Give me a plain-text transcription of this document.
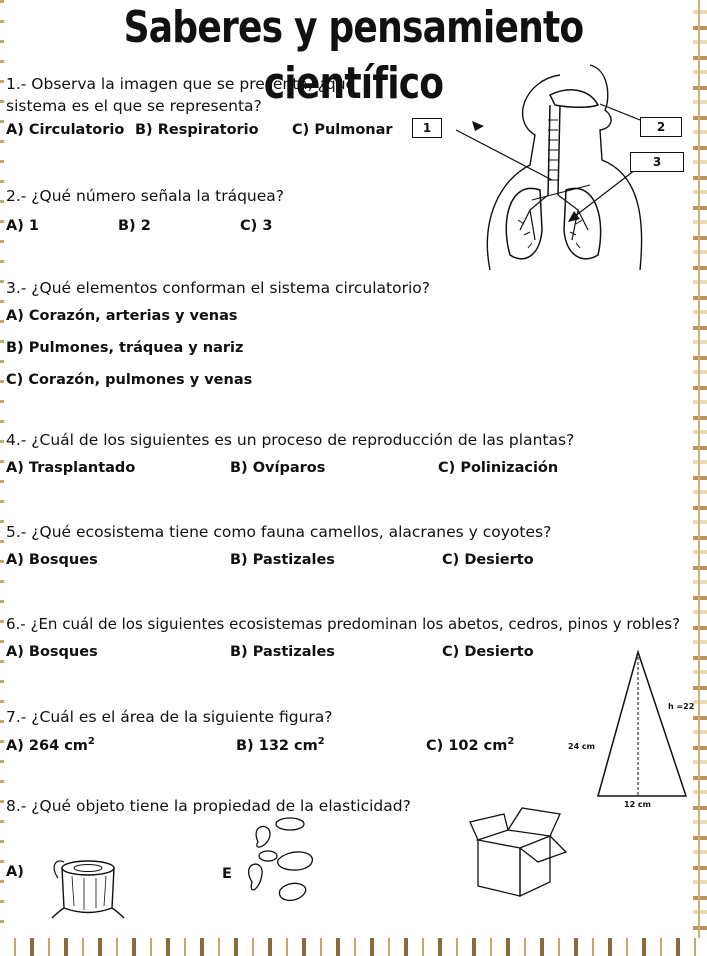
Saberes y pensamiento científico
1.- Observa la imagen que se presenta, ¿qué
sistema es el que se representa?
A) Circulatorio B) Respiratorio C) Pulmonar	1	2
3
2.- ¿Qué número señala la tráquea?
A) 1	B) 2	C) 3
3.- ¿Qué elementos conforman el sistema circulatorio?
A) Corazón, arterias y venas
B) Pulmones, tráquea y nariz
C) Corazón, pulmones y venas
4.- ¿Cuál de los siguientes es un proceso de reproducción de las plantas?
A) Trasplantado	B) Ovíparos	C) Polinización
5.- ¿Qué ecosistema tiene como fauna camellos, alacranes y coyotes?
A) Bosques	B) Pastizales	C) Desierto
6.- ¿En cuál de los siguientes ecosistemas predominan los abetos, cedros, pinos y robles?
A) Bosques	B) Pastizales	C) Desierto
7.- ¿Cuál es el área de la siguiente figura?
A) 264 $cm^2$	B) 132 $cm^2$	C) 102 $cm^2$
h =22
24 cm
12 cm
8.- ¿Qué objeto tiene la propiedad de la elasticidad?
A)	E
